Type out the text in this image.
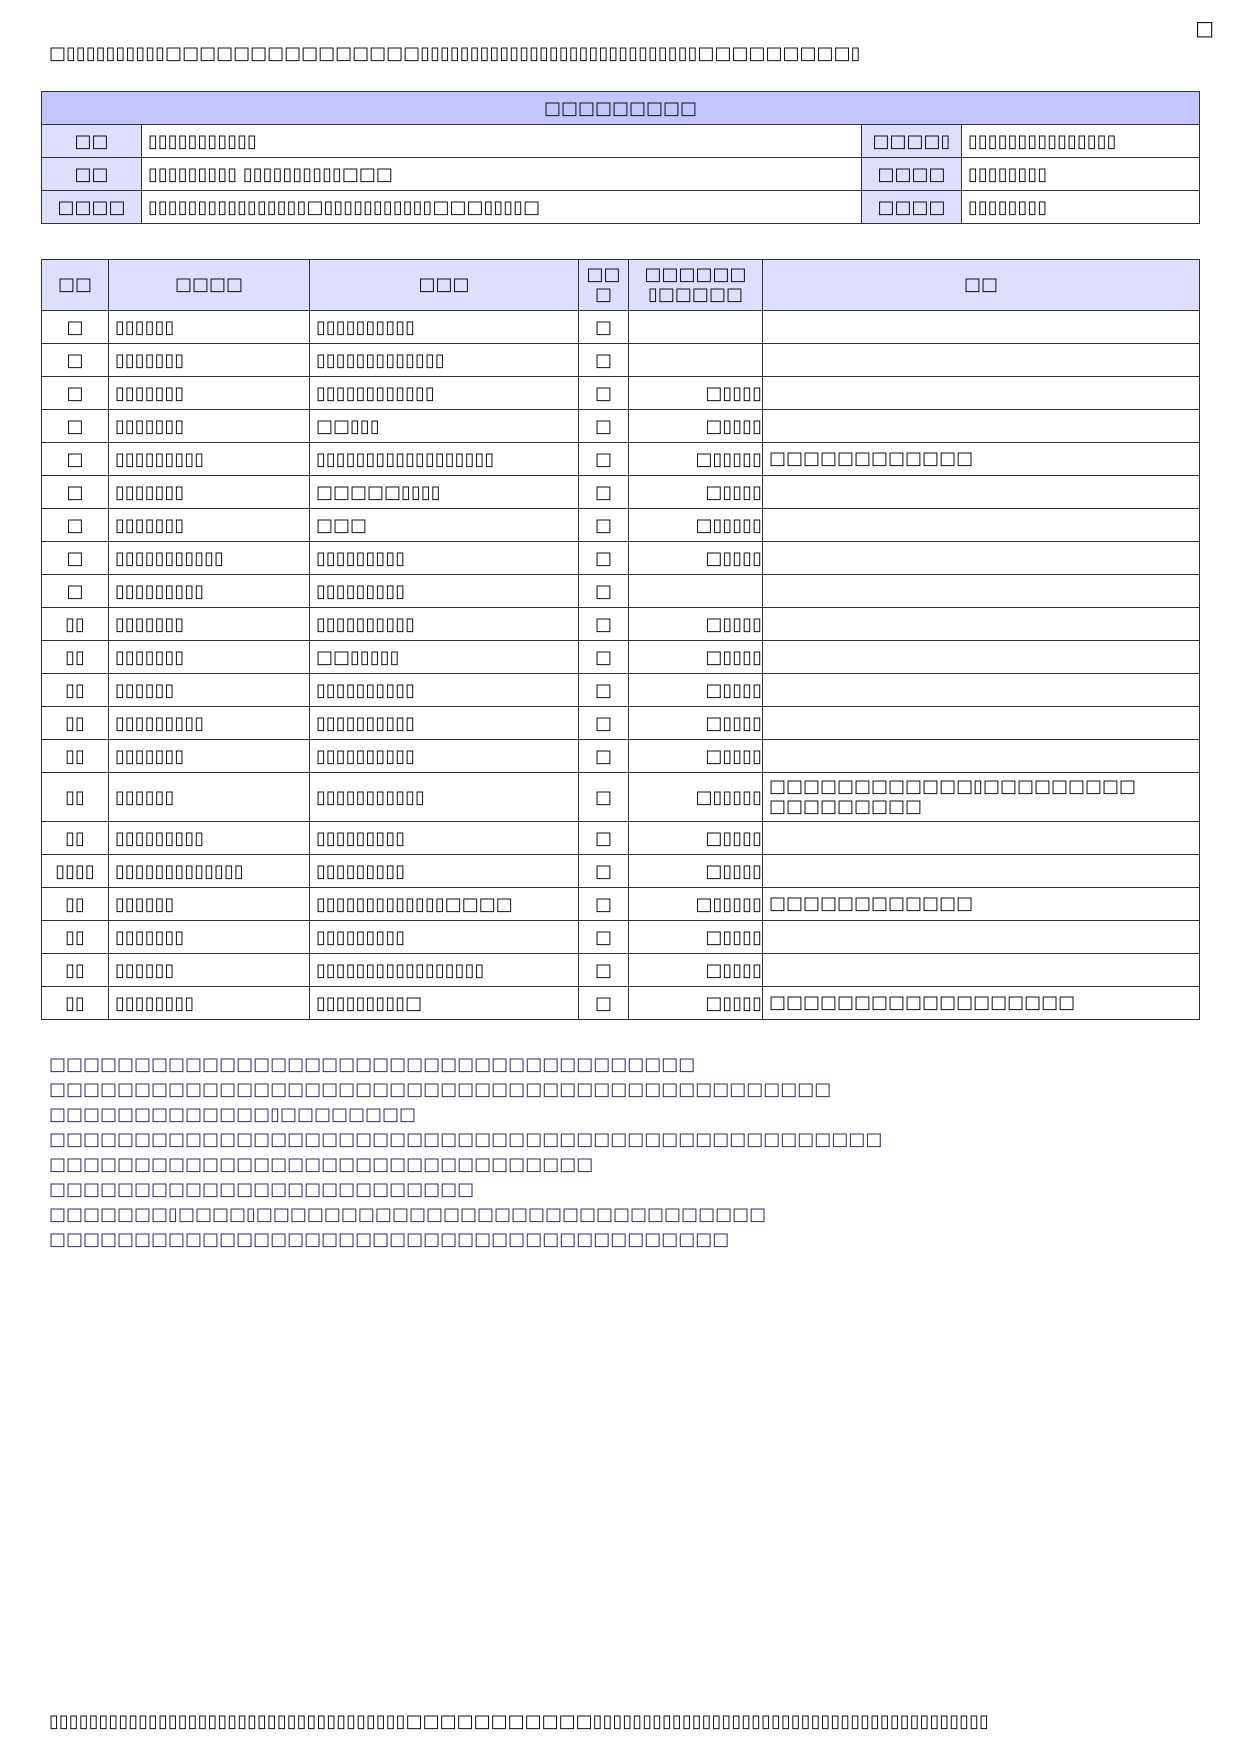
□
□▯▯▯▯▯▯▯▯▯▯□□□□□□□□□□□□□□□▯▯▯▯▯▯▯▯▯▯▯▯▯▯▯▯▯▯▯▯▯▯▯▯▯▯▯▯□□□□□□□□□▯
□□□□□□□□□			
□□	▯▯▯▯▯▯▯▯▯▯▯	□□□□▯	▯▯▯▯▯▯▯▯▯▯▯▯▯▯▯
□□	▯▯▯▯▯▯▯▯▯ ▯▯▯▯▯▯▯▯▯▯□□□	□□□□	▯▯▯▯▯▯▯▯
□□□□	▯▯▯▯▯▯▯▯▯▯▯▯▯▯▯▯□▯▯▯▯▯▯▯▯▯▯▯□□□▯▯▯▯□	□□□□	▯▯▯▯▯▯▯▯
□□	□□□□	□□□	□□ □	□□□□□□ ▯□□□□□	□□
□	▯▯▯▯▯▯	▯▯▯▯▯▯▯▯▯▯	□		
□	▯▯▯▯▯▯▯	▯▯▯▯▯▯▯▯▯▯▯▯▯	□		
□	▯▯▯▯▯▯▯	▯▯▯▯▯▯▯▯▯▯▯▯	□	□▯▯▯▯	
□	▯▯▯▯▯▯▯	□□▯▯▯	□	□▯▯▯▯	
□	▯▯▯▯▯▯▯▯▯	▯▯▯▯▯▯▯▯▯▯▯▯▯▯▯▯▯▯	□	□▯▯▯▯▯	□□□□□□□□□□□□
□	▯▯▯▯▯▯▯	□□□□□▯▯▯▯	□	□▯▯▯▯	
□	▯▯▯▯▯▯▯	□□□	□	□▯▯▯▯▯	
□	▯▯▯▯▯▯▯▯▯▯▯	▯▯▯▯▯▯▯▯▯	□	□▯▯▯▯	
□	▯▯▯▯▯▯▯▯▯	▯▯▯▯▯▯▯▯▯	□		
▯▯	▯▯▯▯▯▯▯	▯▯▯▯▯▯▯▯▯▯	□	□▯▯▯▯	
▯▯	▯▯▯▯▯▯▯	□□▯▯▯▯▯	□	□▯▯▯▯	
▯▯	▯▯▯▯▯▯	▯▯▯▯▯▯▯▯▯▯	□	□▯▯▯▯	
▯▯	▯▯▯▯▯▯▯▯▯	▯▯▯▯▯▯▯▯▯▯	□	□▯▯▯▯	
▯▯	▯▯▯▯▯▯▯	▯▯▯▯▯▯▯▯▯▯	□	□▯▯▯▯	
▯▯	▯▯▯▯▯▯	▯▯▯▯▯▯▯▯▯▯▯	□	□▯▯▯▯▯	□□□□□□□□□□□□▯□□□□□□□□□ □□□□□□□□□
▯▯	▯▯▯▯▯▯▯▯▯	▯▯▯▯▯▯▯▯▯	□	□▯▯▯▯	
▯▯▯▯	▯▯▯▯▯▯▯▯▯▯▯▯▯	▯▯▯▯▯▯▯▯▯	□	□▯▯▯▯	
▯▯	▯▯▯▯▯▯	▯▯▯▯▯▯▯▯▯▯▯▯▯□□□□	□	□▯▯▯▯▯	□□□□□□□□□□□□
▯▯	▯▯▯▯▯▯▯	▯▯▯▯▯▯▯▯▯	□	□▯▯▯▯	
▯▯	▯▯▯▯▯▯	▯▯▯▯▯▯▯▯▯▯▯▯▯▯▯▯▯	□	□▯▯▯▯	
▯▯	▯▯▯▯▯▯▯▯	▯▯▯▯▯▯▯▯▯□	□	□▯▯▯▯	□□□□□□□□□□□□□□□□□□
□□□□□□□□□□□□□□□□□□□□□□□□□□□□□□□□□□□□□□
□□□□□□□□□□□□□□□□□□□□□□□□□□□□□□□□□□□□□□□□□□□□□□
□□□□□□□□□□□□□▯□□□□□□□□
□□□□□□□□□□□□□□□□□□□□□□□□□□□□□□□□□□□□□□□□□□□□□□□□□
□□□□□□□□□□□□□□□□□□□□□□□□□□□□□□□□
□□□□□□□□□□□□□□□□□□□□□□□□□
□□□□□□□▯□□□□▯□□□□□□□□□□□□□□□□□□□□□□□□□□□□□□
□□□□□□□□□□□□□□□□□□□□□□□□□□□□□□□□□□□□□□□□
▯▯▯▯▯▯▯▯▯▯▯▯▯▯▯▯▯▯▯▯▯▯▯▯▯▯▯▯▯▯▯▯▯▯▯▯□□□□□□□□□□□▯▯▯▯▯▯▯▯▯▯▯▯▯▯▯▯▯▯▯▯▯▯▯▯▯▯▯▯▯▯▯▯▯▯▯▯▯▯▯▯
